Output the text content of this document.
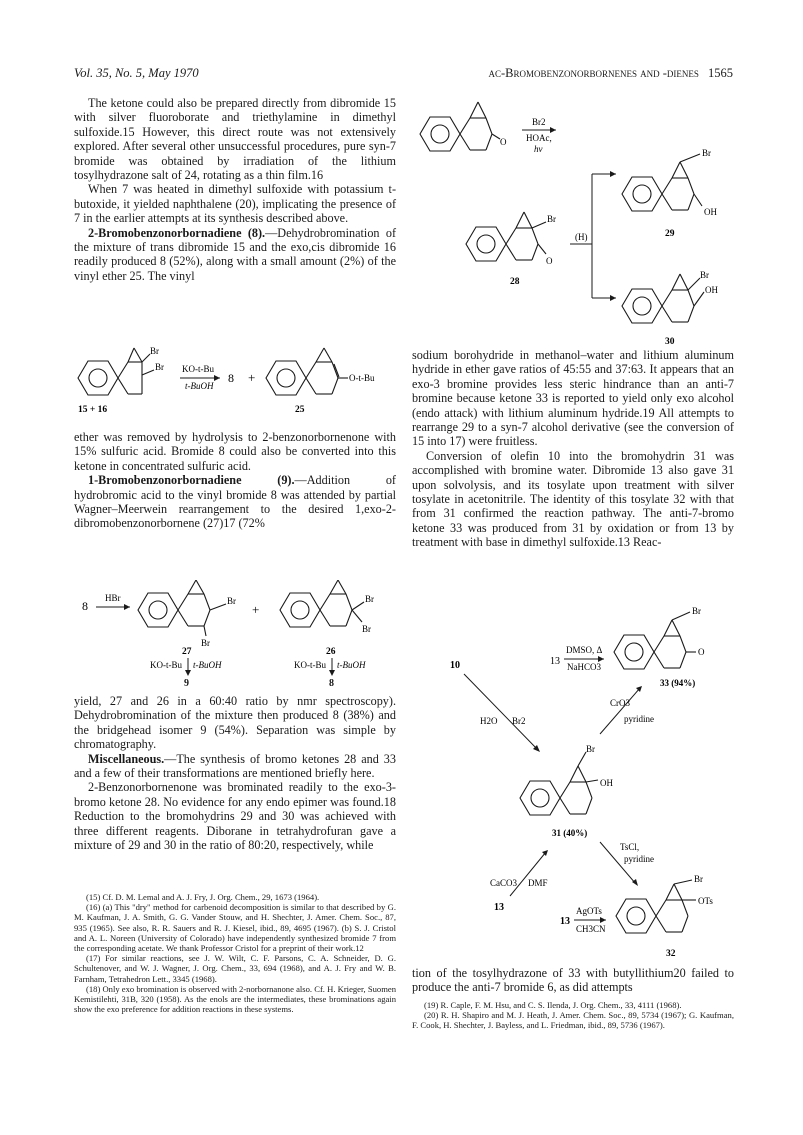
Vol. 35, No. 5, May 1970	ac-Bromobenzonorbornenes and -dienes 1565

The ketone could also be prepared directly from dibromide 15 with silver fluoroborate and triethylamine in dimethyl sulfoxide.15 However, this direct route was not extensively explored. After several other unsuccessful procedures, pure syn-7 bromide was obtained by irradiation of the lithium tosylhydrazone salt of 24, rotating as a thin film.16

When 7 was heated in dimethyl sulfoxide with potassium t-butoxide, it yielded naphthalene (20), implicating the presence of 7 in the earlier attempts at its synthesis described above.

2-Bromobenzonorbornadiene (8).—Dehydrobromination of the mixture of trans dibromide 15 and the exo,cis dibromide 16 readily produced 8 (52%), along with a small amount (2%) of the vinyl ether 25. The vinyl

Br
Br KO-t-Bu
t-BuOH
8 +	O-t-Bu
15 + 16	25

ether was removed by hydrolysis to 2-benzonorbornenone with 15% sulfuric acid. Bromide 8 could also be converted into this ketone in concentrated sulfuric acid.

1-Bromobenzonorbornadiene (9).—Addition of hydrobromic acid to the vinyl bromide 8 was attended by partial Wagner–Meerwein rearrangement to the desired 1,exo-2-dibromobenzonorbornene (27)17 (72%

8
HBr	Br
Br
+
Br
Br
27	26
KO-t-Bu t-BuOH	KO-t-Bu t-BuOH
9	8

yield, 27 and 26 in a 60:40 ratio by nmr spectroscopy). Dehydrobromination of the mixture then produced 8 (38%) and the bridgehead isomer 9 (54%). Separation was simple by chromatography.

Miscellaneous.—The synthesis of bromo ketones 28 and 33 and a few of their transformations are mentioned briefly here.

2-Benzonorbornenone was brominated readily to the exo-3-bromo ketone 28. No evidence for any endo epimer was found.18 Reduction to the bromohydrins 29 and 30 was achieved with three different reagents. Diborane in tetrahydrofuran gave a mixture of 29 and 30 in the ratio of 80:20, respectively, while

(15) Cf. D. M. Lemal and A. J. Fry, J. Org. Chem., 29, 1673 (1964).

(16) (a) This "dry" method for carbenoid decomposition is similar to that described by G. M. Kaufman, J. A. Smith, G. G. Vander Stouw, and H. Shechter, J. Amer. Chem. Soc., 87, 935 (1965). See also, R. R. Sauers and R. J. Kiesel, ibid., 89, 4695 (1967). (b) S. J. Cristol and A. L. Noreen (University of Colorado) have independently synthesized bromide 7 from the corresponding acetate. We thank Professor Cristol for a preprint of their work.12

(17) For similar reactions, see J. W. Wilt, C. F. Parsons, C. A. Schneider, D. G. Schultenover, and W. J. Wagner, J. Org. Chem., 33, 694 (1968), and A. J. Fry and W. B. Farnham, Tetrahedron Lett., 3345 (1968).

(18) Only exo bromination is observed with 2-norbornanone also. Cf. H. Krieger, Suomen Kemistilehti, 31B, 320 (1958). As the enols are the intermediates, these brominations again show the exo preference for addition reactions in these systems.

O
Br2
HOAc,
hν
Br
O
28
(H)
Br
OH
29
Br
OH
30

sodium borohydride in methanol–water and lithium aluminum hydride in ether gave ratios of 45:55 and 37:63. It appears that an exo-3 bromine provides less steric hindrance than an anti-7 bromine because ketone 33 is reported to yield only exo alcohol (endo attack) with lithium aluminum hydride.19 All attempts to rearrange 29 to a syn-7 alcohol derivative (see the conversion of 15 into 17) were fruitless.

Conversion of olefin 10 into the bromohydrin 31 was accomplished with bromine water. Dibromide 13 also gave 31 upon solvolysis, and its tosylate upon treatment with silver tosylate in acetonitrile. The identity of this tosylate 32 with that from 31 confirmed the reaction pathway. The anti-7-bromo ketone 33 was produced from 31 by oxidation or from 13 by treatment with base in dimethyl sulfoxide.13 Reac-

13
DMSO, Δ
NaHCO3
Br
O
33 (94%)
10
H2O Br2
CrO3
pyridine
Br
OH
31 (40%)
CaCO3 DMF
13
TsCl,
pyridine
13
AgOTs
CH3CN
Br
OTs
32

tion of the tosylhydrazone of 33 with butyllithium20 failed to produce the anti-7 bromide 6, as did attempts

(19) R. Caple, F. M. Hsu, and C. S. Ilenda, J. Org. Chem., 33, 4111 (1968).

(20) R. H. Shapiro and M. J. Heath, J. Amer. Chem. Soc., 89, 5734 (1967); G. Kaufman, F. Cook, H. Shechter, J. Bayless, and L. Friedman, ibid., 89, 5736 (1967).
